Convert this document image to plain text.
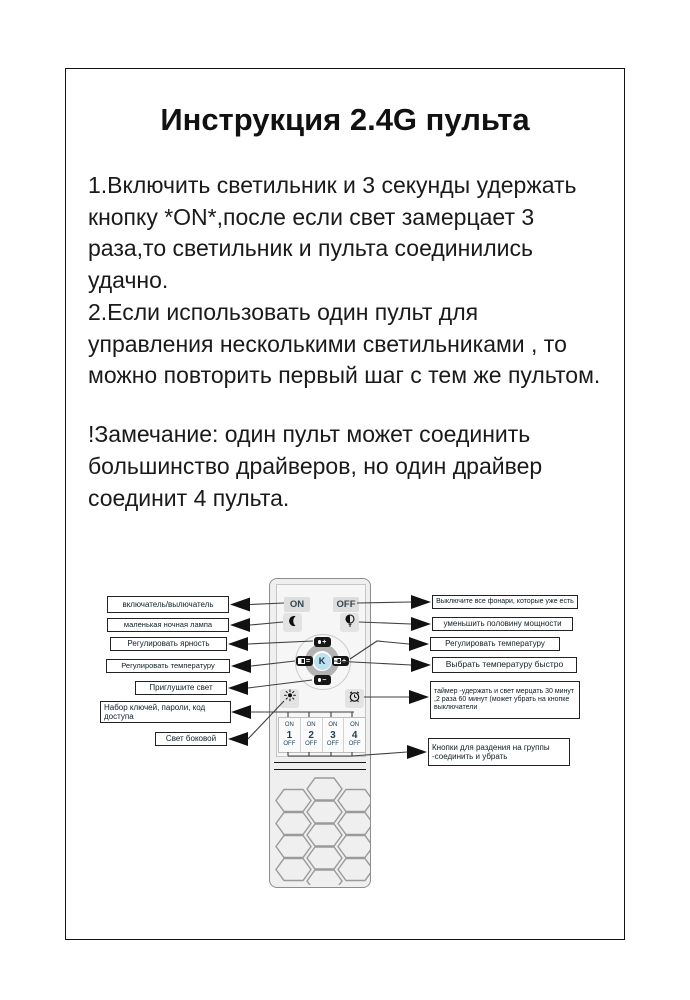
Инструкция 2.4G пульта

1.Включить светильник и 3 секунды удержать кнопку *ON*,после если свет замерцает 3 раза,то светильник и пульта соединились удачно.

2.Если использовать один пульт для управления несколькими светильниками , то можно повторить первый шаг с тем же пультом.

!Замечание: один пульт может соединить большинство драйверов, но один драйвер соединит 4 пульта.

ON	OFF
+
−
=	+
K
ON
1
OFF
ON
2
OFF
ON
3
OFF
ON
4
OFF
включатель/вылючатель
маленькая ночная лампа
Регулировать ярность
Регулировать температуру
Приглушите свет
Набор ключей, пароли, код доступа
Свет боковой
Выключите все фонари, которые уже есть
уменьшить половину мощности
Регулировать температуру
Выбрать температуру быстро
таймер -удержать и свет мерцать 30 минут ,2 раза 60 минут (может убрать на кнопке выключатели
Кнопки для раздения на группы -соединить и убрать
